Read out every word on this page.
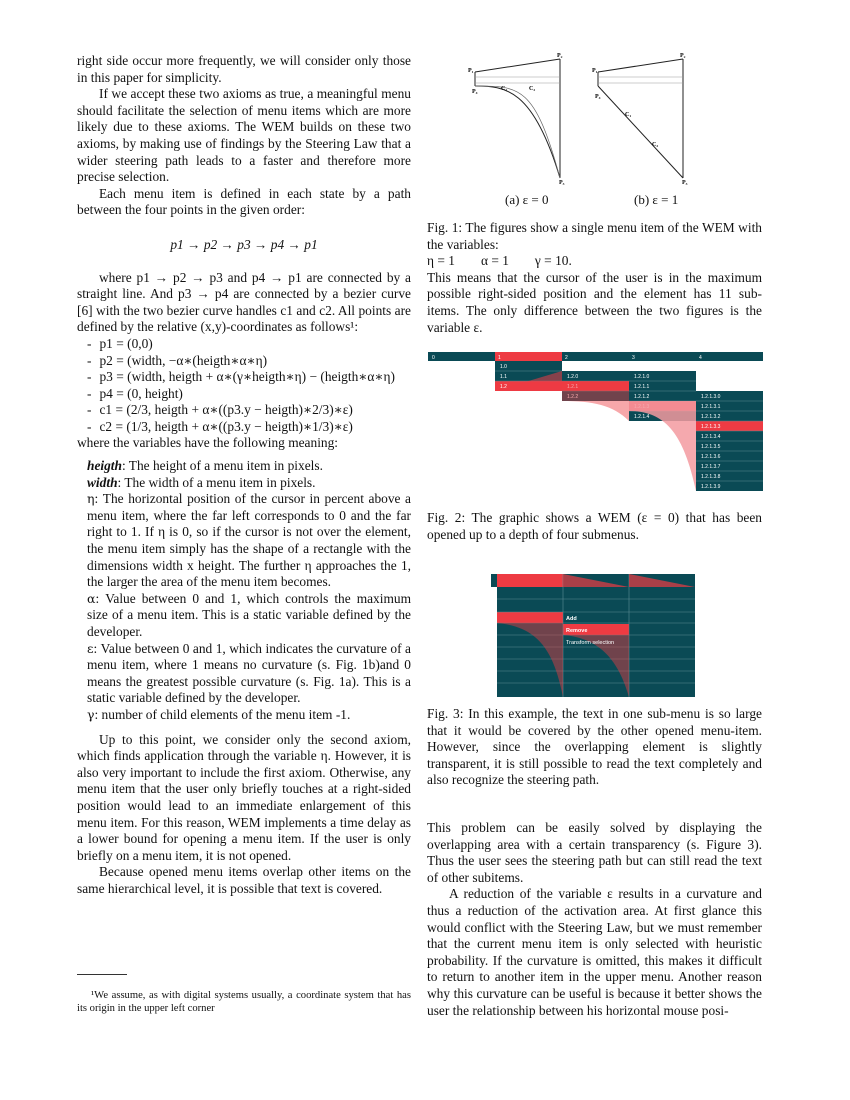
right side occur more frequently, we will consider only those in this paper for simplicity.

If we accept these two axioms as true, a meaningful menu should facilitate the selection of menu items which are more likely due to these axioms. The WEM builds on these two axioms, by making use of findings by the Steering Law that a wider steering path leads to a faster and therefore more precise selection.

Each menu item is defined in each state by a path between the four points in the given order:

p1 → p2 → p3 → p4 → p1

where p1 → p2 → p3 and p4 → p1 are connected by a straight line. And p3 → p4 are connected by a bezier curve [6] with the two bezier curve handles c1 and c2. All points are defined by the relative (x,y)-coordinates as follows¹:

- p1 = (0,0)
- p2 = (width, −α∗(heigth∗α∗η)
- p3 = (width, heigth + α∗(γ∗heigth∗η) − (heigth∗α∗η)
- p4 = (0, height)
- c1 = (2/3, heigth + α∗((p3.y − heigth)∗2/3)∗ε)
- c2 = (1/3, heigth + α∗((p3.y − heigth)∗1/3)∗ε)

where the variables have the following meaning:

heigth: The height of a menu item in pixels.

width: The width of a menu item in pixels.

η: The horizontal position of the cursor in percent above a menu item, where the far left corresponds to 0 and the far right to 1. If η is 0, so if the cursor is not over the element, the menu item simply has the shape of a rectangle with the dimensions width x height. The further η approaches the 1, the larger the area of the menu item becomes.

α: Value between 0 and 1, which controls the maximum size of a menu item. This is a static variable defined by the developer.

ε: Value between 0 and 1, which indicates the curvature of a menu item, where 1 means no curvature (s. Fig. 1b)and 0 means the greatest possible curvature (s. Fig. 1a). This is a static variable defined by the developer.

γ: number of child elements of the menu item -1.

Up to this point, we consider only the second axiom, which finds application through the variable η. However, it is also very important to include the first axiom. Otherwise, any menu item that the user only briefly touches at a right-sided position would lead to an immediate enlargement of this menu item. For this reason, WEM implements a time delay as a lower bound for opening a menu item. If the user is only briefly on a menu item, it is not opened.

Because opened menu items overlap other items on the same hierarchical level, it is possible that text is covered.

¹We assume, as with digital systems usually, a coordinate system that has its origin in the upper left corner

P₁
P₂
P₄
P₃
C₁	C₂
P₁
P₂
P₄
P₃
C₁
C₂
(a) ε = 0	(b) ε = 1

Fig. 1: The figures show a single menu item of the WEM with the variables:

η = 1 α = 1 γ = 10.

This means that the cursor of the user is in the maximum possible right-sided position and the element has 11 sub-items. The only difference between the two figures is the variable ε.

0	1	2	3	4
1.0
1.1
1.2
1.2.0
1.2.1
1.2.2
1.2.1.0
1.2.1.1
1.2.1.2
1.2.1.4
1.2.1.3.0
1.2.1.3.1
1.2.1.3.2
1.2.1.3.3
1.2.1.3.4
1.2.1.3.5
1.2.1.3.6
1.2.1.3.7
1.2.1.3.8
1.2.1.3.9

Fig. 2: The graphic shows a WEM (ε = 0) that has been opened up to a depth of four submenus.

Add
Remove
Transform selection

Fig. 3: In this example, the text in one sub-menu is so large that it would be covered by the other opened menu-item. However, since the overlapping element is slightly transparent, it is still possible to read the text completely and also recognize the steering path.

This problem can be easily solved by displaying the overlapping area with a certain transparency (s. Figure 3). Thus the user sees the steering path but can still read the text of other subitems.

A reduction of the variable ε results in a curvature and thus a reduction of the activation area. At first glance this would conflict with the Steering Law, but we must remember that the current menu item is only selected with heuristic probability. If the curvature is omitted, this makes it difficult to return to another item in the upper menu. Another reason why this curvature can be useful is because it better shows the user the relationship between his horizontal mouse posi-
